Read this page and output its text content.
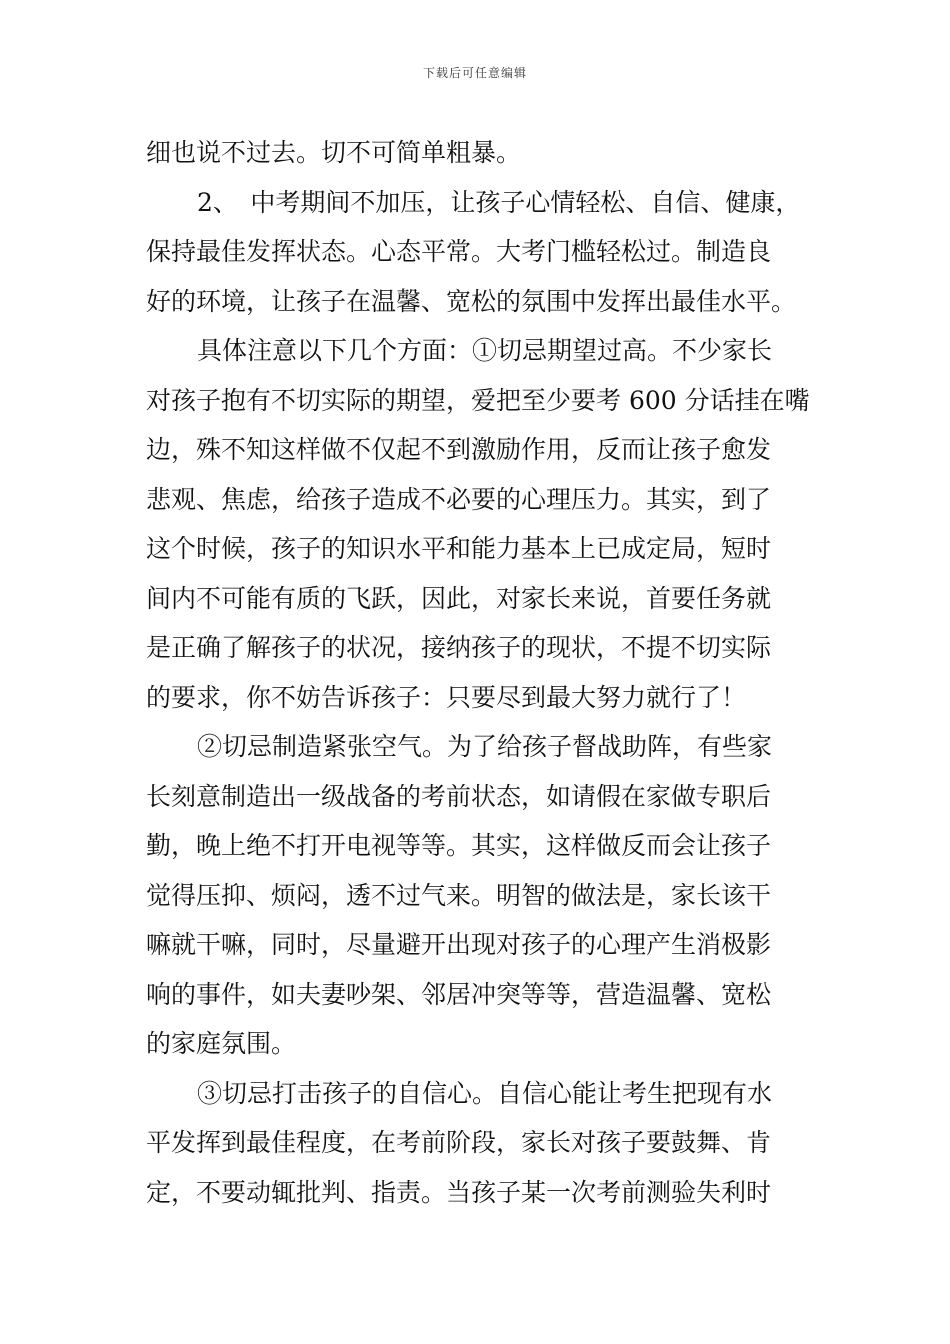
下载后可任意编辑
细也说不过去。切不可简单粗暴。
2、　中考期间不加压，让孩子心情轻松、自信、健康，
保持最佳发挥状态。心态平常。大考门槛轻松过。制造良
好的环境，让孩子在温馨、宽松的氛围中发挥出最佳水平。
具体注意以下几个方面：①切忌期望过高。不少家长
对孩子抱有不切实际的期望，爱把至少要考 600 分话挂在嘴
边，殊不知这样做不仅起不到激励作用，反而让孩子愈发
悲观、焦虑，给孩子造成不必要的心理压力。其实，到了
这个时候，孩子的知识水平和能力基本上已成定局，短时
间内不可能有质的飞跃，因此，对家长来说，首要任务就
是正确了解孩子的状况，接纳孩子的现状，不提不切实际
的要求，你不妨告诉孩子：只要尽到最大努力就行了！
②切忌制造紧张空气。为了给孩子督战助阵，有些家
长刻意制造出一级战备的考前状态，如请假在家做专职后
勤，晚上绝不打开电视等等。其实，这样做反而会让孩子
觉得压抑、烦闷，透不过气来。明智的做法是，家长该干
嘛就干嘛，同时，尽量避开出现对孩子的心理产生消极影
响的事件，如夫妻吵架、邻居冲突等等，营造温馨、宽松
的家庭氛围。
③切忌打击孩子的自信心。自信心能让考生把现有水
平发挥到最佳程度，在考前阶段，家长对孩子要鼓舞、肯
定，不要动辄批判、指责。当孩子某一次考前测验失利时
